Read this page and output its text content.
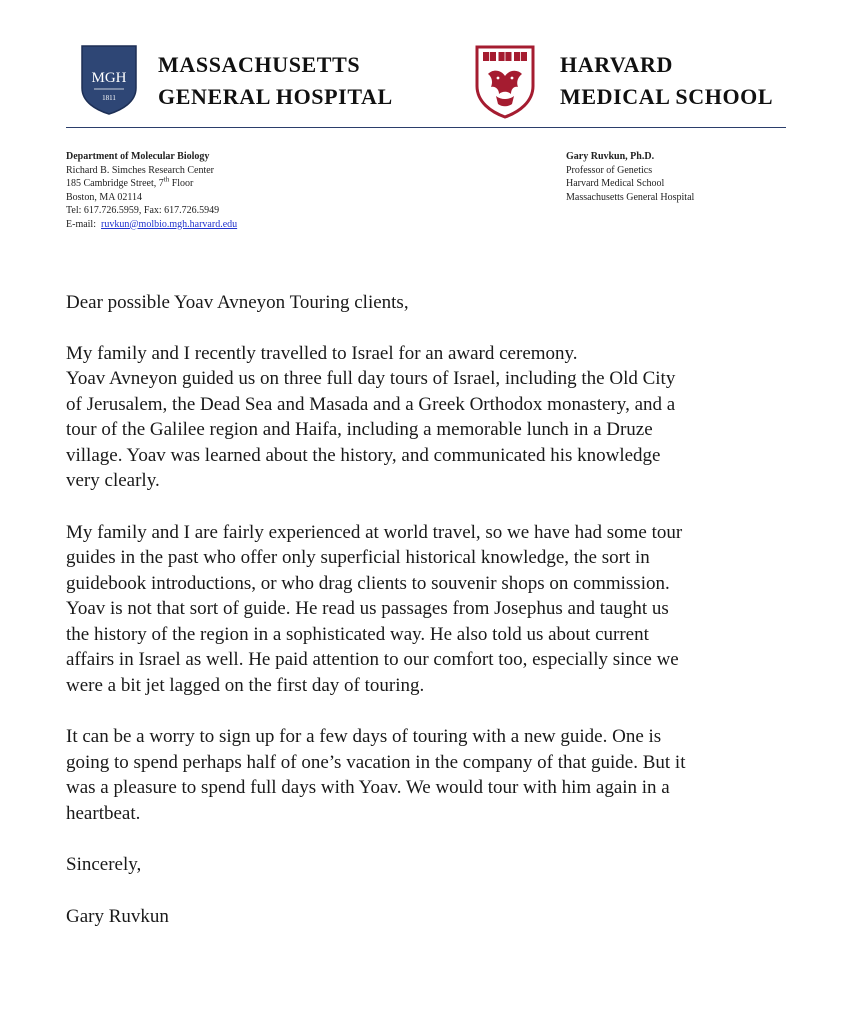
MGH
1811
MASSACHUSETTS
GENERAL HOSPITAL
HARVARD
MEDICAL SCHOOL
Department of Molecular Biology
Richard B. Simches Research Center
185 Cambridge Street, 7th Floor
Boston, MA 02114
Tel: 617.726.5959, Fax: 617.726.5949
E-mail: ruvkun@molbio.mgh.harvard.edu
Gary Ruvkun, Ph.D.
Professor of Genetics
Harvard Medical School
Massachusetts General Hospital

Dear possible Yoav Avneyon Touring clients,

My family and I recently travelled to Israel for an award ceremony.
Yoav Avneyon guided us on three full day tours of Israel, including the Old City
of Jerusalem, the Dead Sea and Masada and a Greek Orthodox monastery, and a
tour of the Galilee region and Haifa, including a memorable lunch in a Druze
village. Yoav was learned about the history, and communicated his knowledge
very clearly.

My family and I are fairly experienced at world travel, so we have had some tour
guides in the past who offer only superficial historical knowledge, the sort in
guidebook introductions, or who drag clients to souvenir shops on commission.
Yoav is not that sort of guide. He read us passages from Josephus and taught us
the history of the region in a sophisticated way. He also told us about current
affairs in Israel as well. He paid attention to our comfort too, especially since we
were a bit jet lagged on the first day of touring.

It can be a worry to sign up for a few days of touring with a new guide. One is
going to spend perhaps half of one’s vacation in the company of that guide. But it
was a pleasure to spend full days with Yoav. We would tour with him again in a
heartbeat.

Sincerely,

Gary Ruvkun
